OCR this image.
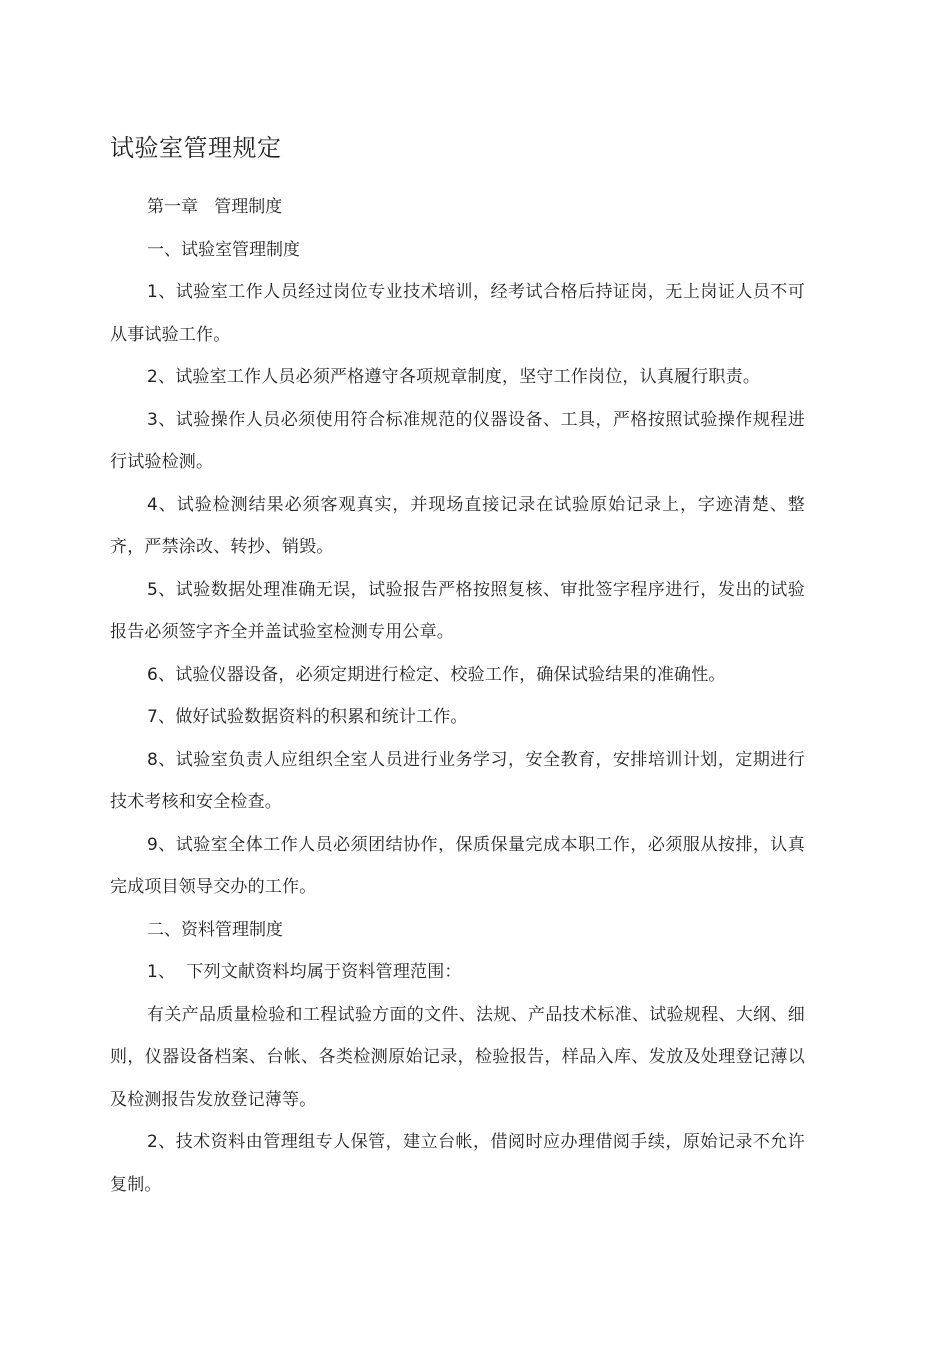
试验室管理规定

第一章   管理制度

一、试验室管理制度

1、试验室工作人员经过岗位专业技术培训，经考试合格后持证岗，无上岗证人员不可从事试验工作。

2、试验室工作人员必须严格遵守各项规章制度，坚守工作岗位，认真履行职责。

3、试验操作人员必须使用符合标准规范的仪器设备、工具，严格按照试验操作规程进行试验检测。

4、试验检测结果必须客观真实，并现场直接记录在试验原始记录上，字迹清楚、整齐，严禁涂改、转抄、销毁。

5、试验数据处理准确无误，试验报告严格按照复核、审批签字程序进行，发出的试验报告必须签字齐全并盖试验室检测专用公章。

6、试验仪器设备，必须定期进行检定、校验工作，确保试验结果的准确性。

7、做好试验数据资料的积累和统计工作。

8、试验室负责人应组织全室人员进行业务学习，安全教育，安排培训计划，定期进行技术考核和安全检查。

9、试验室全体工作人员必须团结协作，保质保量完成本职工作，必须服从按排，认真完成项目领导交办的工作。

二、资料管理制度

1、  下列文献资料均属于资料管理范围：

有关产品质量检验和工程试验方面的文件、法规、产品技术标准、试验规程、大纲、细则，仪器设备档案、台帐、各类检测原始记录，检验报告，样品入库、发放及处理登记薄以及检测报告发放登记薄等。

2、技术资料由管理组专人保管，建立台帐，借阅时应办理借阅手续，原始记录不允许复制。
